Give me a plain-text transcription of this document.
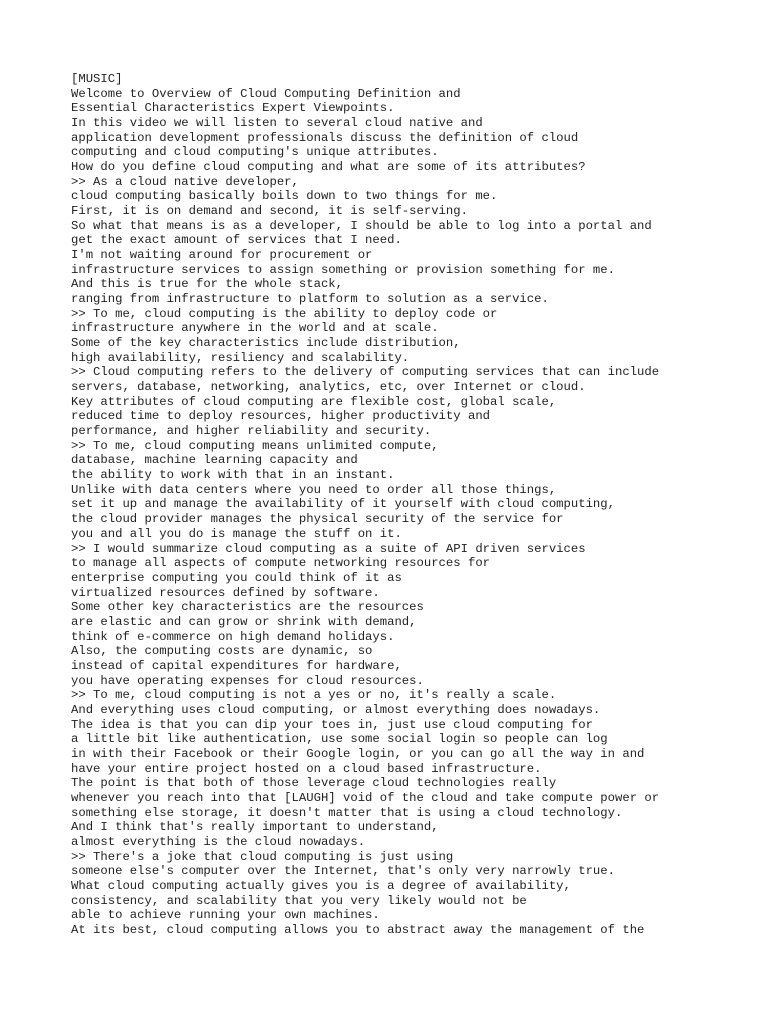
[MUSIC]
Welcome to Overview of Cloud Computing Definition and
Essential Characteristics Expert Viewpoints.
In this video we will listen to several cloud native and
application development professionals discuss the definition of cloud
computing and cloud computing's unique attributes.
How do you define cloud computing and what are some of its attributes?
>> As a cloud native developer,
cloud computing basically boils down to two things for me.
First, it is on demand and second, it is self-serving.
So what that means is as a developer, I should be able to log into a portal and
get the exact amount of services that I need.
I'm not waiting around for procurement or
infrastructure services to assign something or provision something for me.
And this is true for the whole stack,
ranging from infrastructure to platform to solution as a service.
>> To me, cloud computing is the ability to deploy code or
infrastructure anywhere in the world and at scale.
Some of the key characteristics include distribution,
high availability, resiliency and scalability.
>> Cloud computing refers to the delivery of computing services that can include
servers, database, networking, analytics, etc, over Internet or cloud.
Key attributes of cloud computing are flexible cost, global scale,
reduced time to deploy resources, higher productivity and
performance, and higher reliability and security.
>> To me, cloud computing means unlimited compute,
database, machine learning capacity and
the ability to work with that in an instant.
Unlike with data centers where you need to order all those things,
set it up and manage the availability of it yourself with cloud computing,
the cloud provider manages the physical security of the service for
you and all you do is manage the stuff on it.
>> I would summarize cloud computing as a suite of API driven services
to manage all aspects of compute networking resources for
enterprise computing you could think of it as
virtualized resources defined by software.
Some other key characteristics are the resources
are elastic and can grow or shrink with demand,
think of e-commerce on high demand holidays.
Also, the computing costs are dynamic, so
instead of capital expenditures for hardware,
you have operating expenses for cloud resources.
>> To me, cloud computing is not a yes or no, it's really a scale.
And everything uses cloud computing, or almost everything does nowadays.
The idea is that you can dip your toes in, just use cloud computing for
a little bit like authentication, use some social login so people can log
in with their Facebook or their Google login, or you can go all the way in and
have your entire project hosted on a cloud based infrastructure.
The point is that both of those leverage cloud technologies really
whenever you reach into that [LAUGH] void of the cloud and take compute power or
something else storage, it doesn't matter that is using a cloud technology.
And I think that's really important to understand,
almost everything is the cloud nowadays.
>> There's a joke that cloud computing is just using
someone else's computer over the Internet, that's only very narrowly true.
What cloud computing actually gives you is a degree of availability,
consistency, and scalability that you very likely would not be
able to achieve running your own machines.
At its best, cloud computing allows you to abstract away the management of the
